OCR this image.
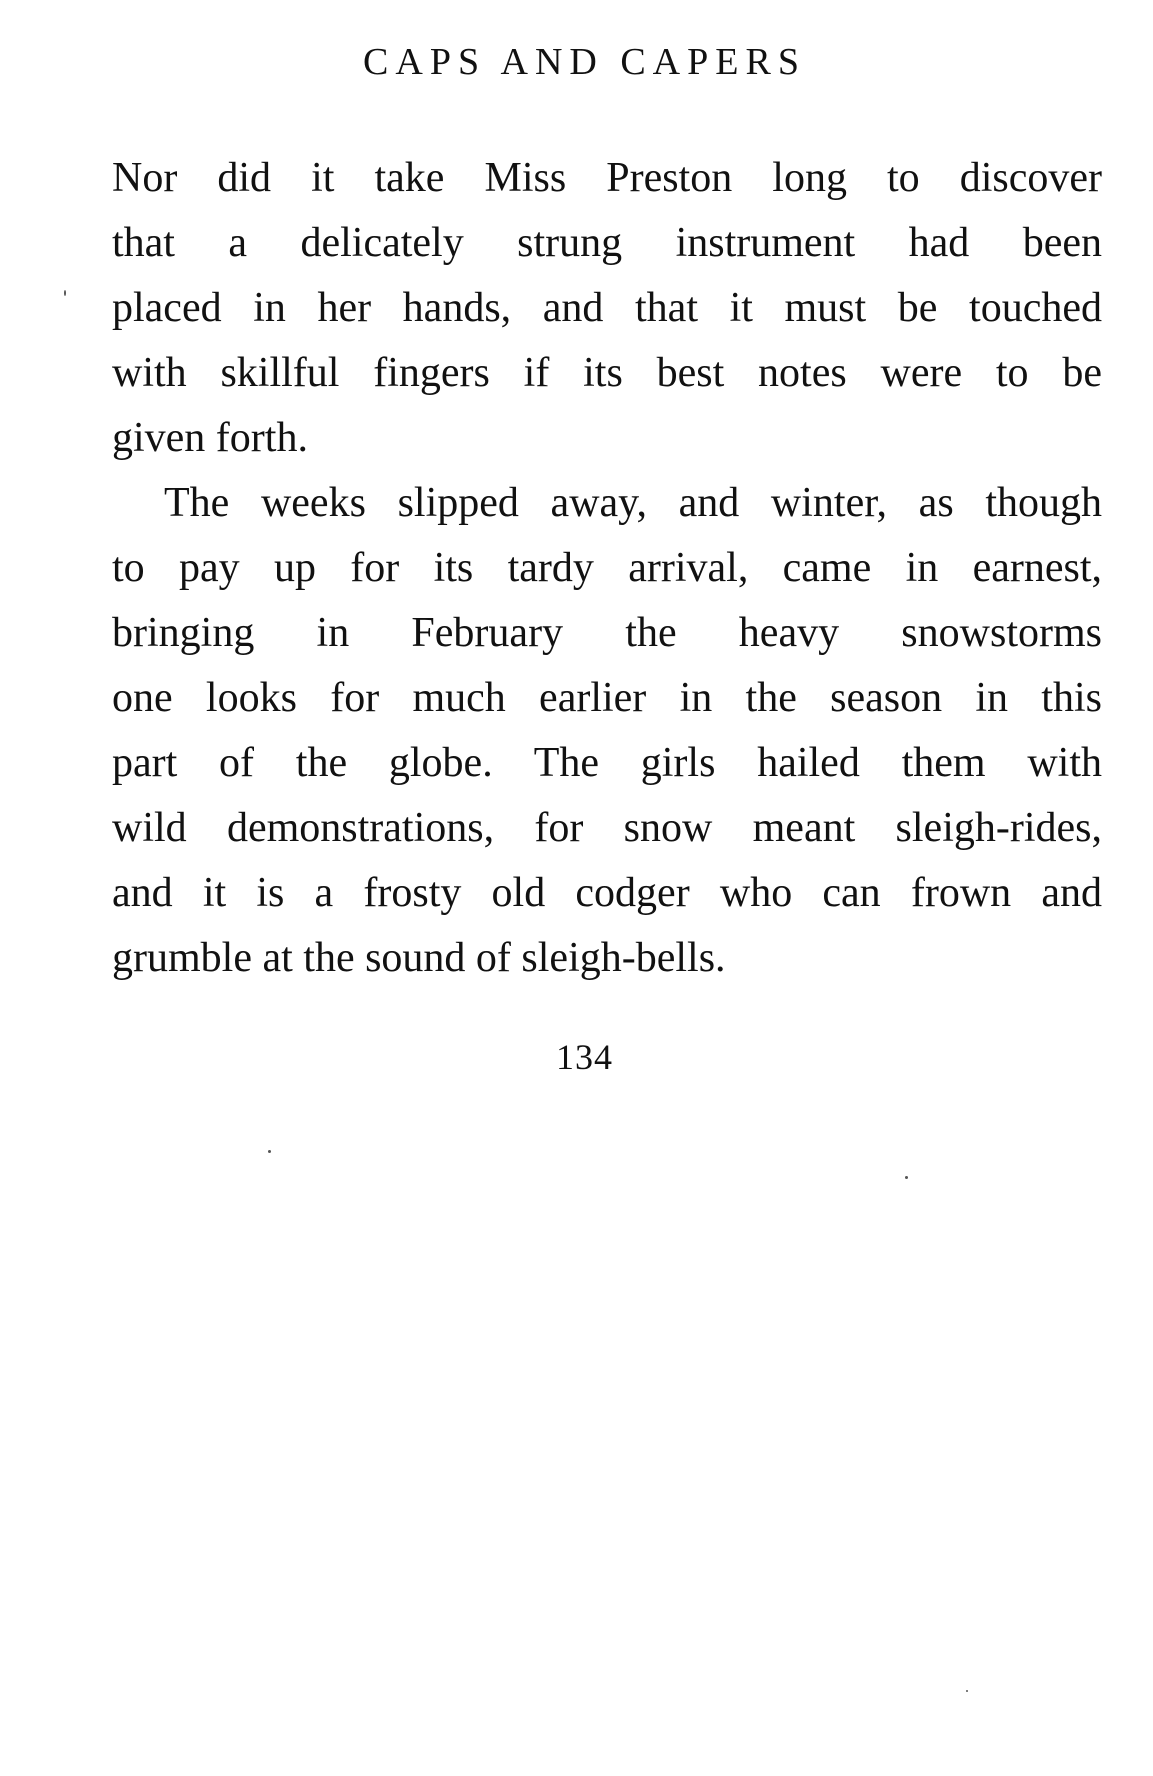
CAPS AND CAPERS

Nor did it take Miss Preston long to discover
that a delicately strung instrument had been
placed in her hands, and that it must be touched
with skillful fingers if its best notes were to be
given forth.

The weeks slipped away, and winter, as though
to pay up for its tardy arrival, came in earnest,
bringing in February the heavy snowstorms
one looks for much earlier in the season in this
part of the globe. The girls hailed them with
wild demonstrations, for snow meant sleigh-rides,
and it is a frosty old codger who can frown and
grumble at the sound of sleigh-bells.

134
